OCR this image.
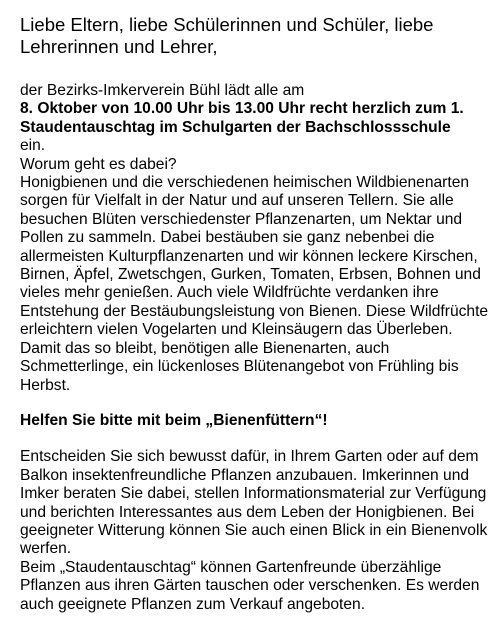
Liebe Eltern, liebe Schülerinnen und Schüler, liebe
Lehrerinnen und Lehrer,
der Bezirks-Imkerverein Bühl lädt alle am
8. Oktober von 10.00 Uhr bis 13.00 Uhr recht herzlich zum 1.
Staudentauschtag im Schulgarten der Bachschlossschule
ein.
Worum geht es dabei?
Honigbienen und die verschiedenen heimischen Wildbienenarten
sorgen für Vielfalt in der Natur und auf unseren Tellern. Sie alle
besuchen Blüten verschiedenster Pflanzenarten, um Nektar und
Pollen zu sammeln. Dabei bestäuben sie ganz nebenbei die
allermeisten Kulturpflanzenarten und wir können leckere Kirschen,
Birnen, Äpfel, Zwetschgen, Gurken, Tomaten, Erbsen, Bohnen und
vieles mehr genießen. Auch viele Wildfrüchte verdanken ihre
Entstehung der Bestäubungsleistung von Bienen. Diese Wildfrüchte
erleichtern vielen Vogelarten und Kleinsäugern das Überleben.
Damit das so bleibt, benötigen alle Bienenarten, auch
Schmetterlinge, ein lückenloses Blütenangebot von Frühling bis
Herbst.
Helfen Sie bitte mit beim „Bienenfüttern“!
Entscheiden Sie sich bewusst dafür, in Ihrem Garten oder auf dem
Balkon insektenfreundliche Pflanzen anzubauen. Imkerinnen und
Imker beraten Sie dabei, stellen Informationsmaterial zur Verfügung
und berichten Interessantes aus dem Leben der Honigbienen. Bei
geeigneter Witterung können Sie auch einen Blick in ein Bienenvolk
werfen.
Beim „Staudentauschtag“ können Gartenfreunde überzählige
Pflanzen aus ihren Gärten tauschen oder verschenken. Es werden
auch geeignete Pflanzen zum Verkauf angeboten.
